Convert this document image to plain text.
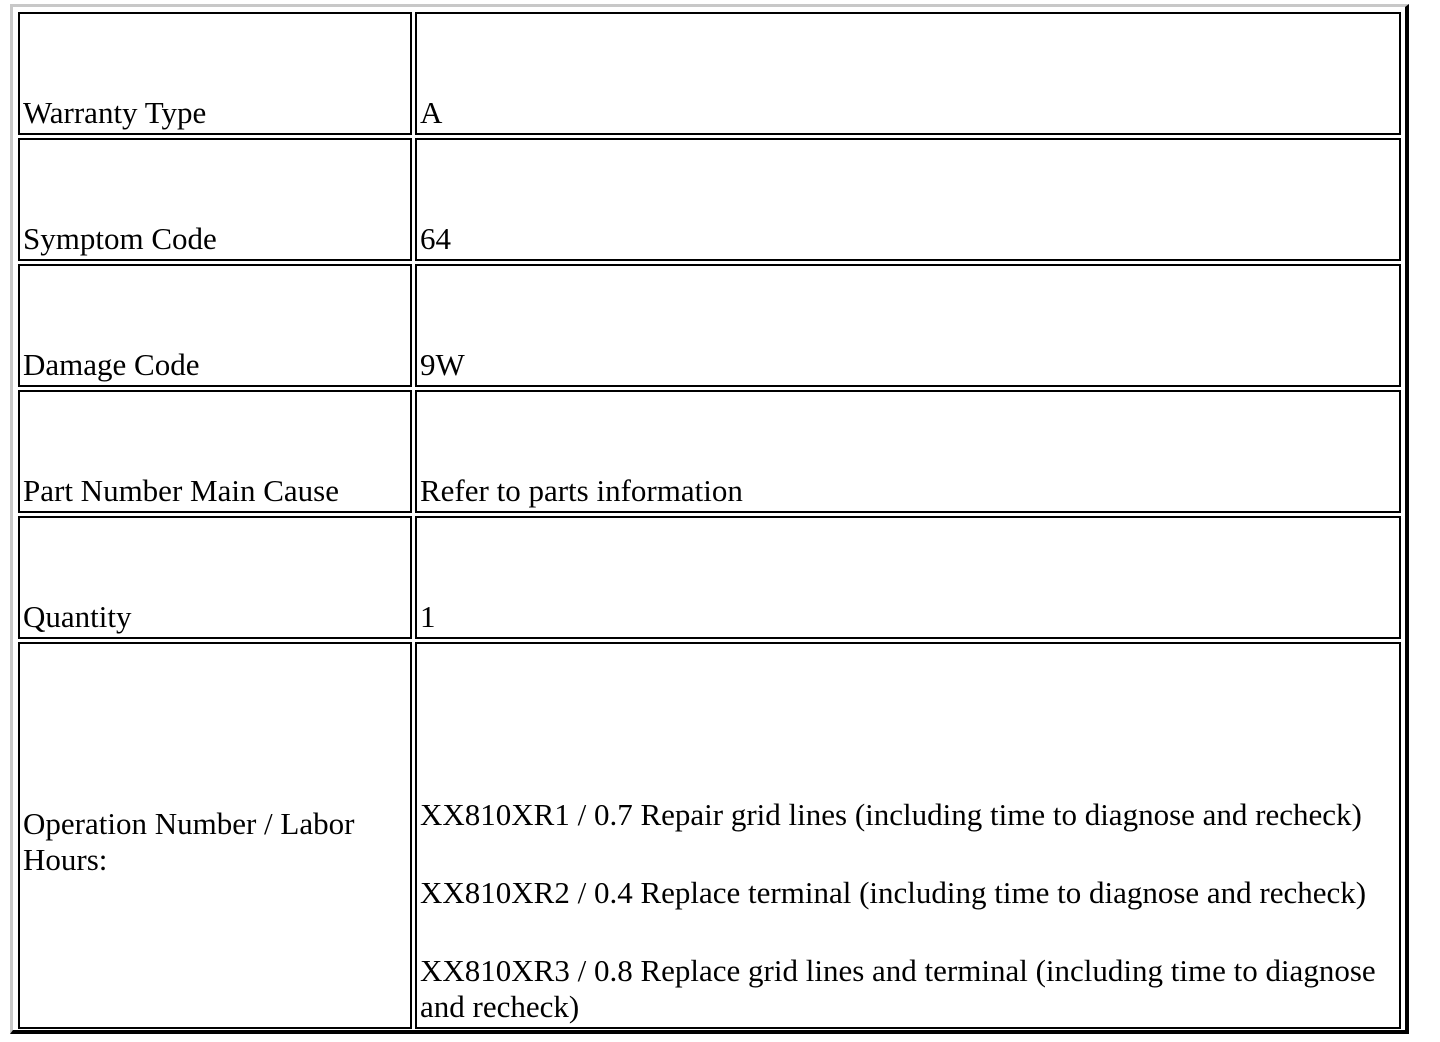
Warranty Type	A
Symptom Code	64
Damage Code	9W
Part Number Main Cause	Refer to parts information
Quantity	1
Operation Number / Labor Hours:	XX810XR1 / 0.7 Repair grid lines (including time to diagnose and recheck)
XX810XR2 / 0.4 Replace terminal (including time to diagnose and recheck)
XX810XR3 / 0.8 Replace grid lines and terminal (including time to diagnose and recheck)
